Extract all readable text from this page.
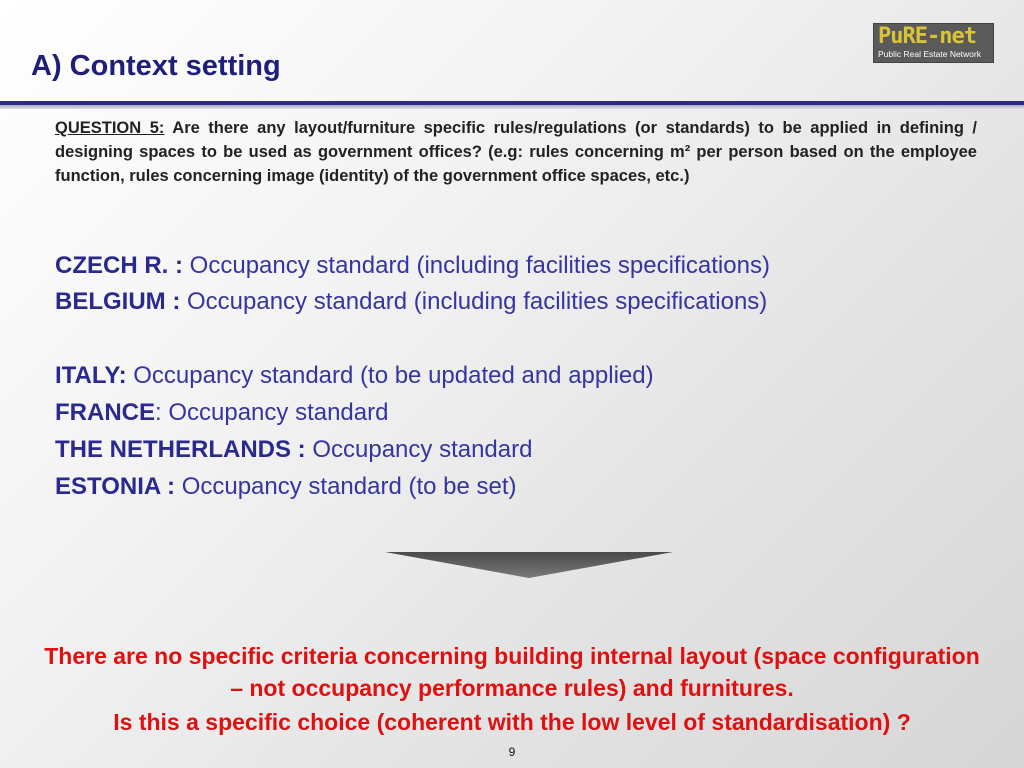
A) Context setting
PuRE-net
Public Real Estate Network

QUESTION 5: Are there any layout/furniture specific rules/regulations (or standards) to be applied in defining / designing spaces to be used as government offices? (e.g: rules concerning m² per person based on the employee function, rules concerning image (identity) of the government office spaces, etc.)

CZECH R. : Occupancy standard (including facilities specifications)
BELGIUM : Occupancy standard (including facilities specifications)
ITALY: Occupancy standard (to be updated and applied)
FRANCE: Occupancy standard
THE NETHERLANDS : Occupancy standard
ESTONIA : Occupancy standard (to be set)

There are no specific criteria concerning building internal layout (space configuration – not occupancy performance rules) and furnitures.

Is this a specific choice (coherent with the low level of standardisation) ?

9
